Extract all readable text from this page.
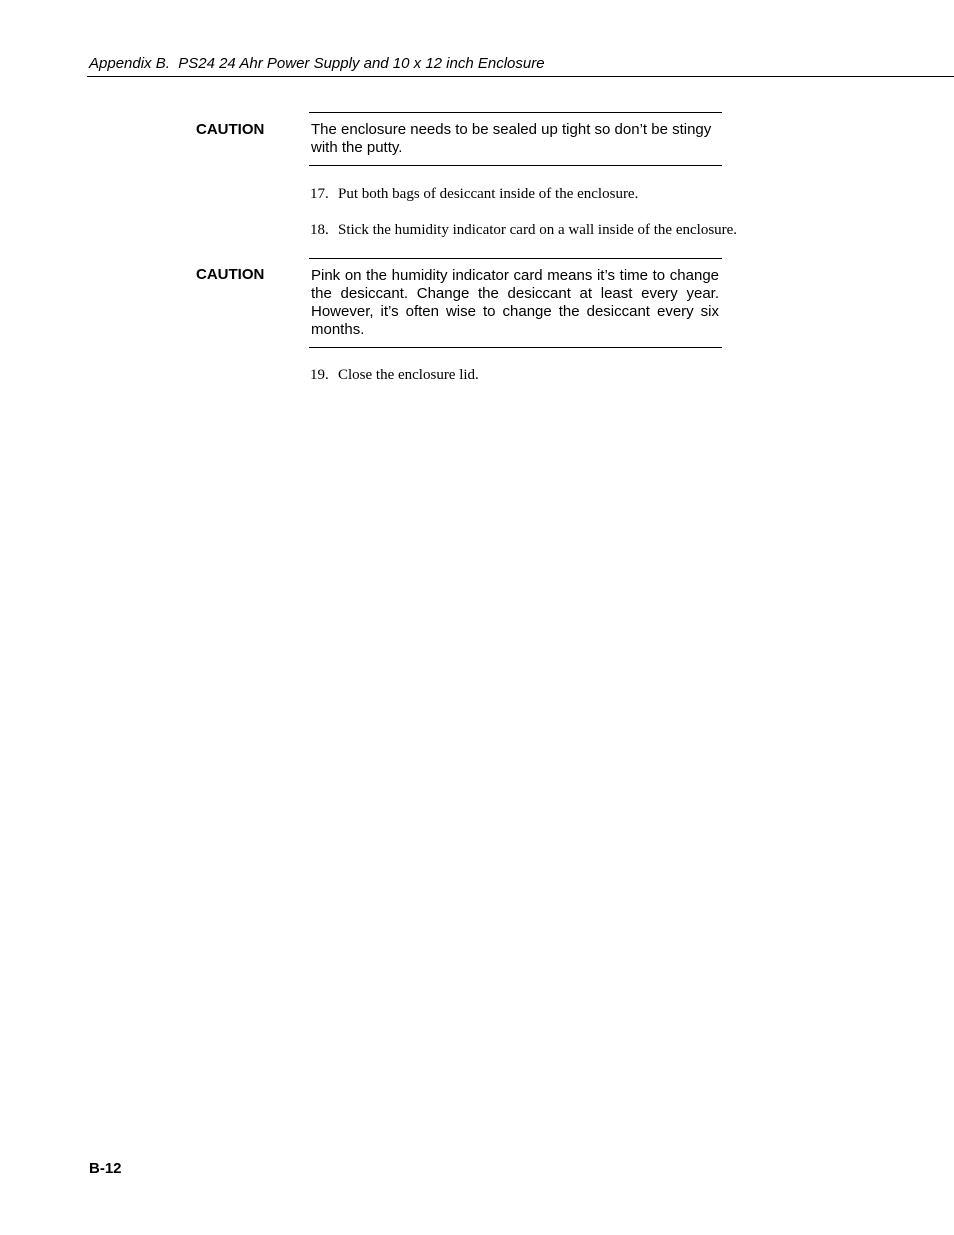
Appendix B.  PS24 24 Ahr Power Supply and 10 x 12 inch Enclosure
CAUTION	The enclosure needs to be sealed up tight so don’t be stingy with the putty.
17. Put both bags of desiccant inside of the enclosure.
18. Stick the humidity indicator card on a wall inside of the enclosure.
CAUTION	Pink on the humidity indicator card means it’s time to change the desiccant. Change the desiccant at least every year. However, it’s often wise to change the desiccant every six months.
19. Close the enclosure lid.
B-12
